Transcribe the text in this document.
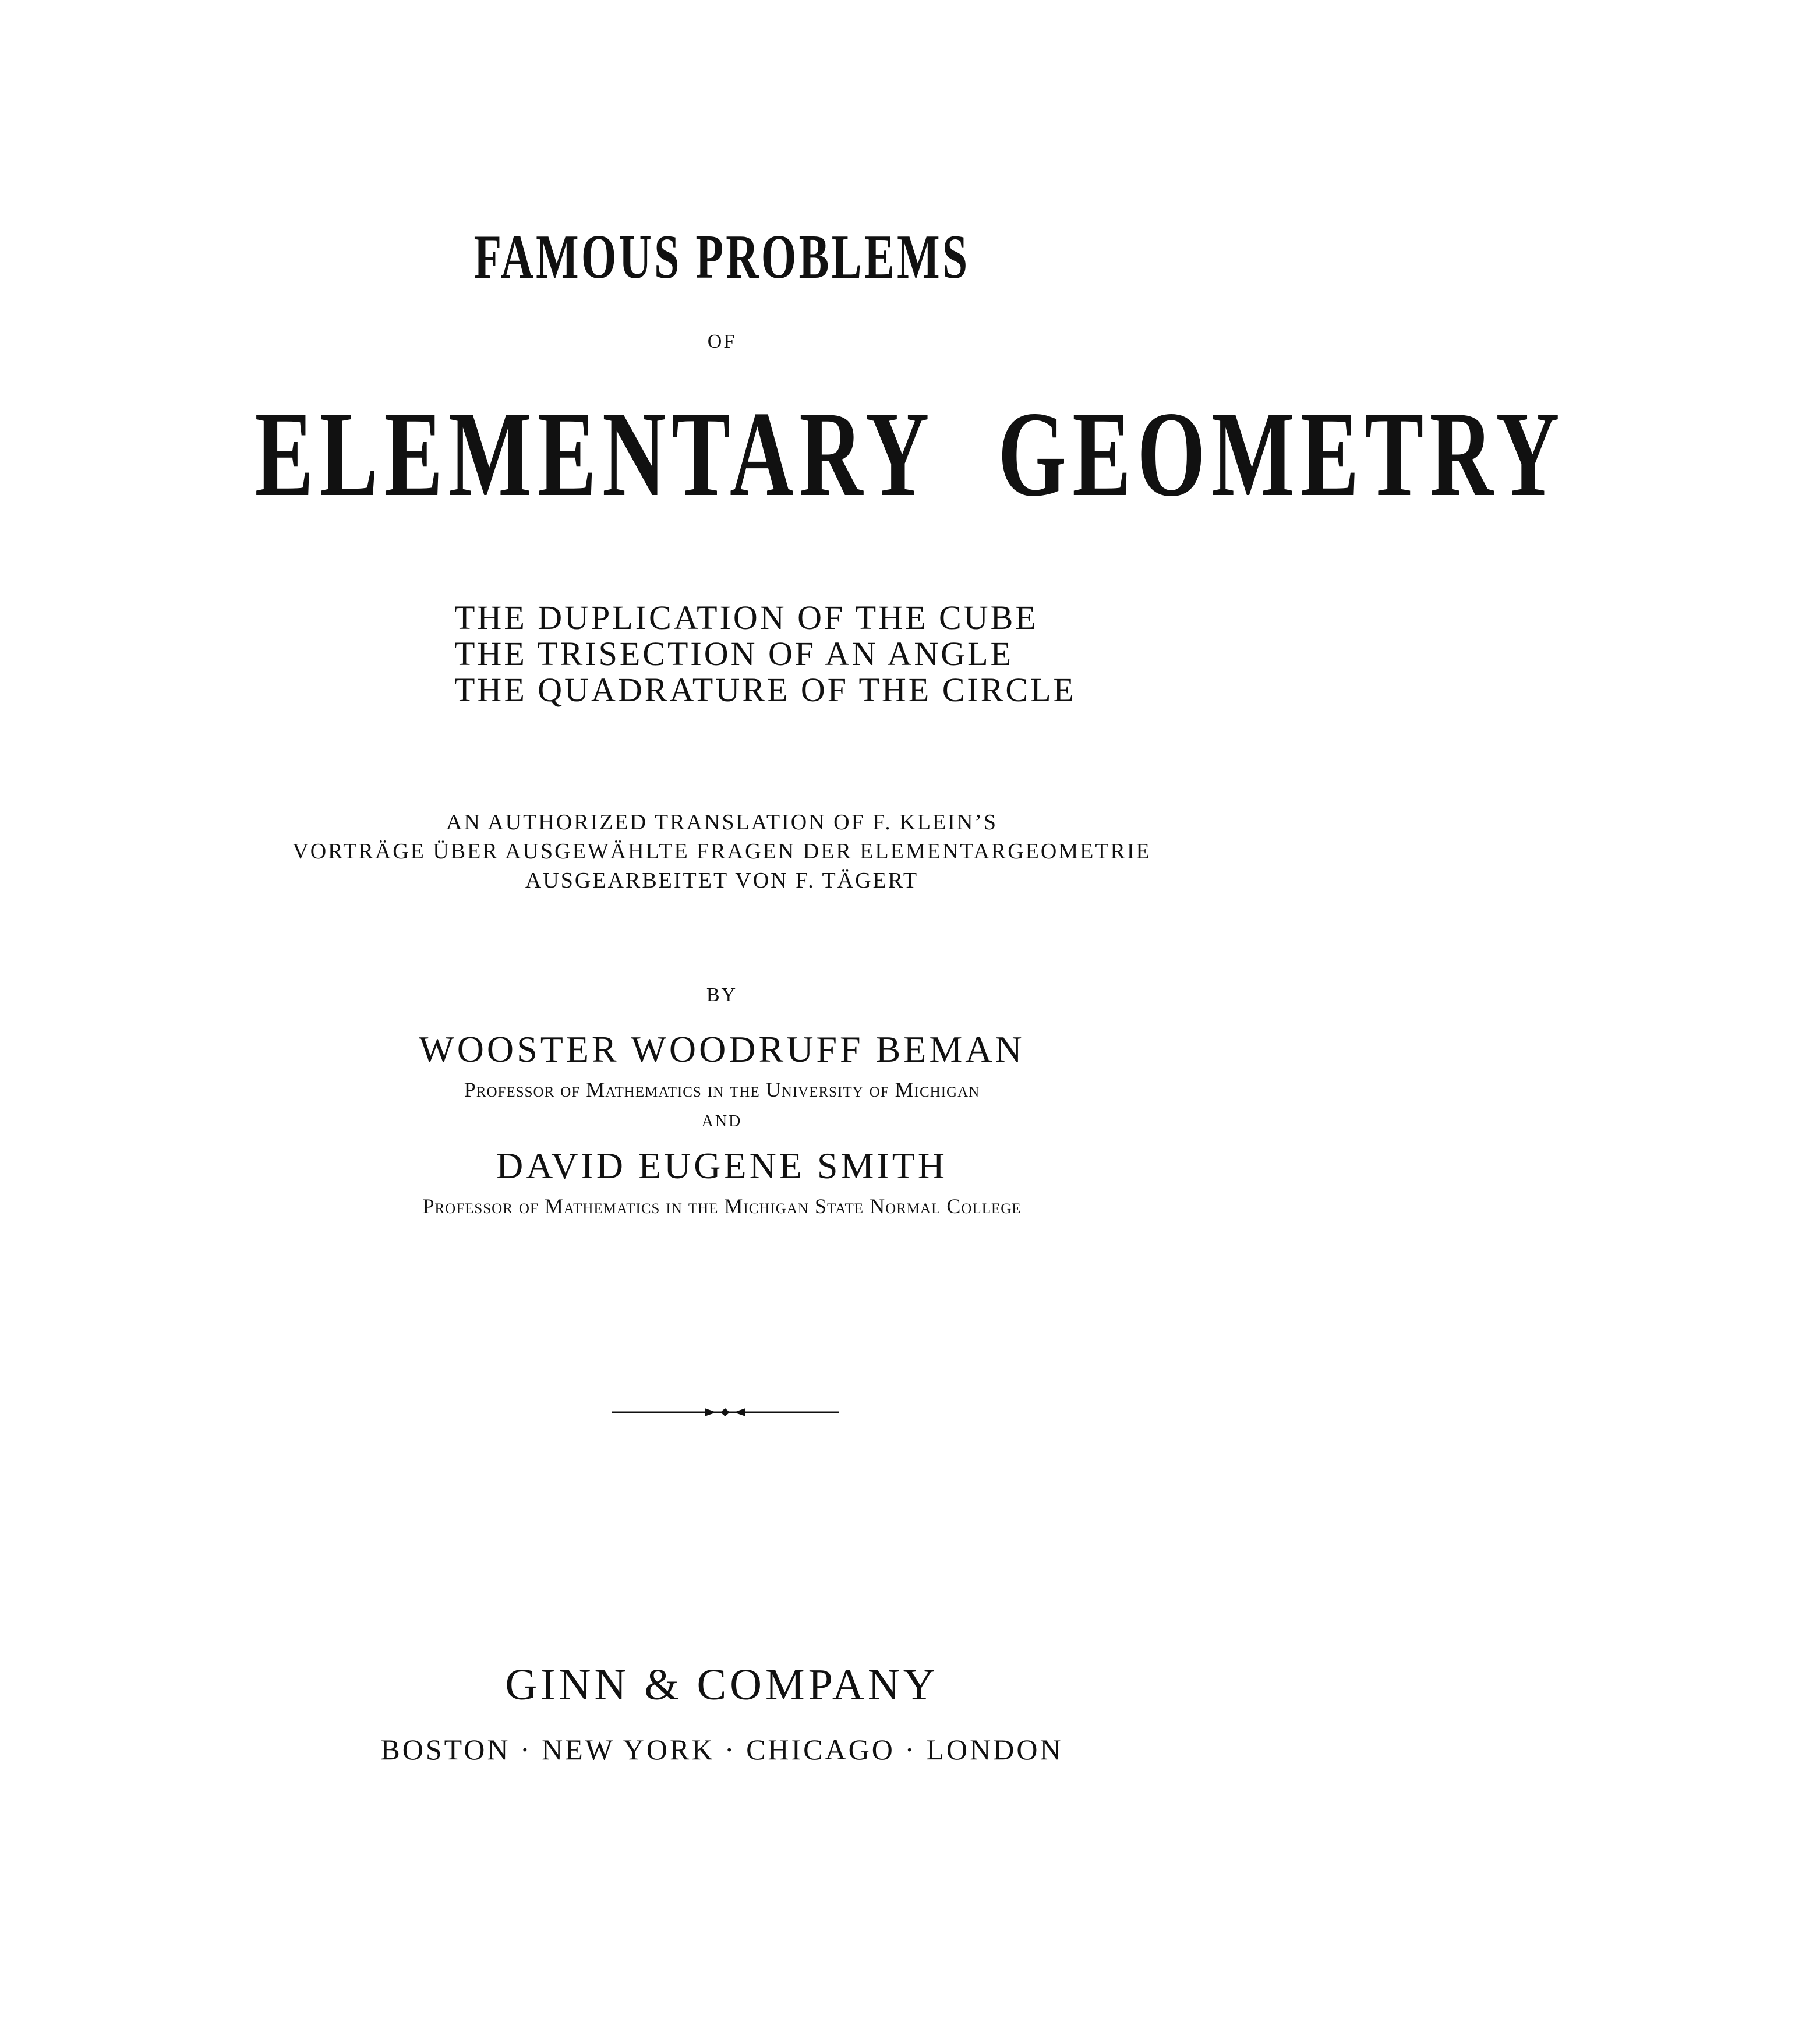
FAMOUS PROBLEMS
OF
ELEMENTARY GEOMETRY
THE DUPLICATION OF THE CUBE
THE TRISECTION OF AN ANGLE
THE QUADRATURE OF THE CIRCLE
AN AUTHORIZED TRANSLATION OF F. KLEIN’S
VORTRÄGE ÜBER AUSGEWÄHLTE FRAGEN DER ELEMENTARGEOMETRIE
AUSGEARBEITET VON F. TÄGERT
BY
WOOSTER WOODRUFF BEMAN
Professor of Mathematics in the University of Michigan
AND
DAVID EUGENE SMITH
Professor of Mathematics in the Michigan State Normal College
GINN & COMPANY
BOSTON · NEW YORK · CHICAGO · LONDON
